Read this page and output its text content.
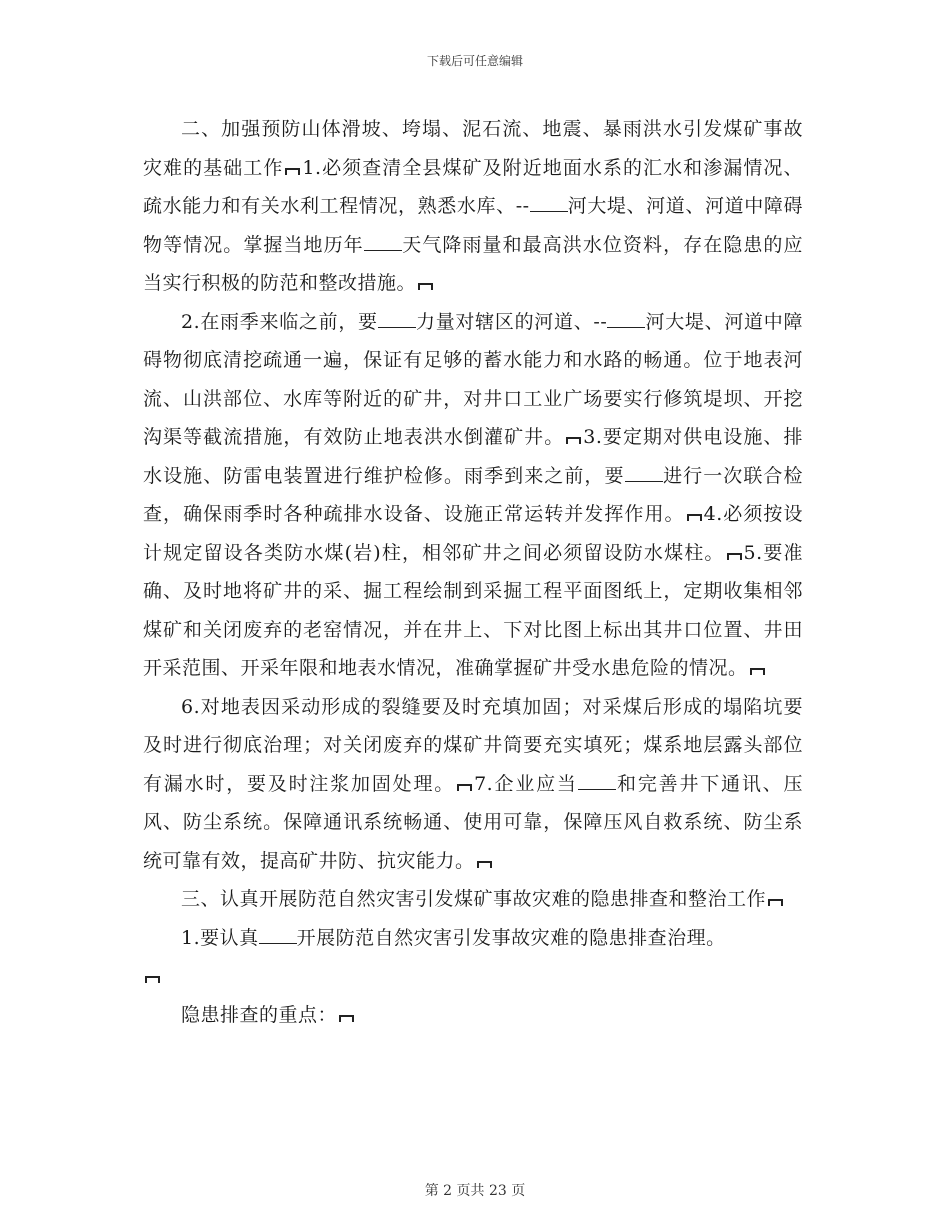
下载后可任意编辑

二、加强预防山体滑坡、垮塌、泥石流、地震、暴雨洪水引发煤矿事故灾难的基础工作 1.必须查清全县煤矿及附近地面水系的汇水和渗漏情况、疏水能力和有关水利工程情况，熟悉水库、-- 河大堤、河道、河道中障碍物等情况。掌握当地历年 天气降雨量和最高洪水位资料，存在隐患的应当实行积极的防范和整改措施。

2.在雨季来临之前，要 力量对辖区的河道、-- 河大堤、河道中障碍物彻底清挖疏通一遍，保证有足够的蓄水能力和水路的畅通。位于地表河流、山洪部位、水库等附近的矿井，对井口工业广场要实行修筑堤坝、开挖沟渠等截流措施，有效防止地表洪水倒灌矿井。 3.要定期对供电设施、排水设施、防雷电装置进行维护检修。雨季到来之前，要 进行一次联合检查，确保雨季时各种疏排水设备、设施正常运转并发挥作用。 4.必须按设计规定留设各类防水煤(岩)柱，相邻矿井之间必须留设防水煤柱。 5.要准确、及时地将矿井的采、掘工程绘制到采掘工程平面图纸上，定期收集相邻煤矿和关闭废弃的老窑情况，并在井上、下对比图上标出其井口位置、井田开采范围、开采年限和地表水情况，准确掌握矿井受水患危险的情况。

6.对地表因采动形成的裂缝要及时充填加固；对采煤后形成的塌陷坑要及时进行彻底治理；对关闭废弃的煤矿井筒要充实填死；煤系地层露头部位有漏水时，要及时注浆加固处理。 7.企业应当 和完善井下通讯、压风、防尘系统。保障通讯系统畅通、使用可靠，保障压风自救系统、防尘系统可靠有效，提高矿井防、抗灾能力。

三、认真开展防范自然灾害引发煤矿事故灾难的隐患排查和整治工作

1.要认真 开展防范自然灾害引发事故灾难的隐患排查治理。

隐患排查的重点：

第 2 页共 23 页
